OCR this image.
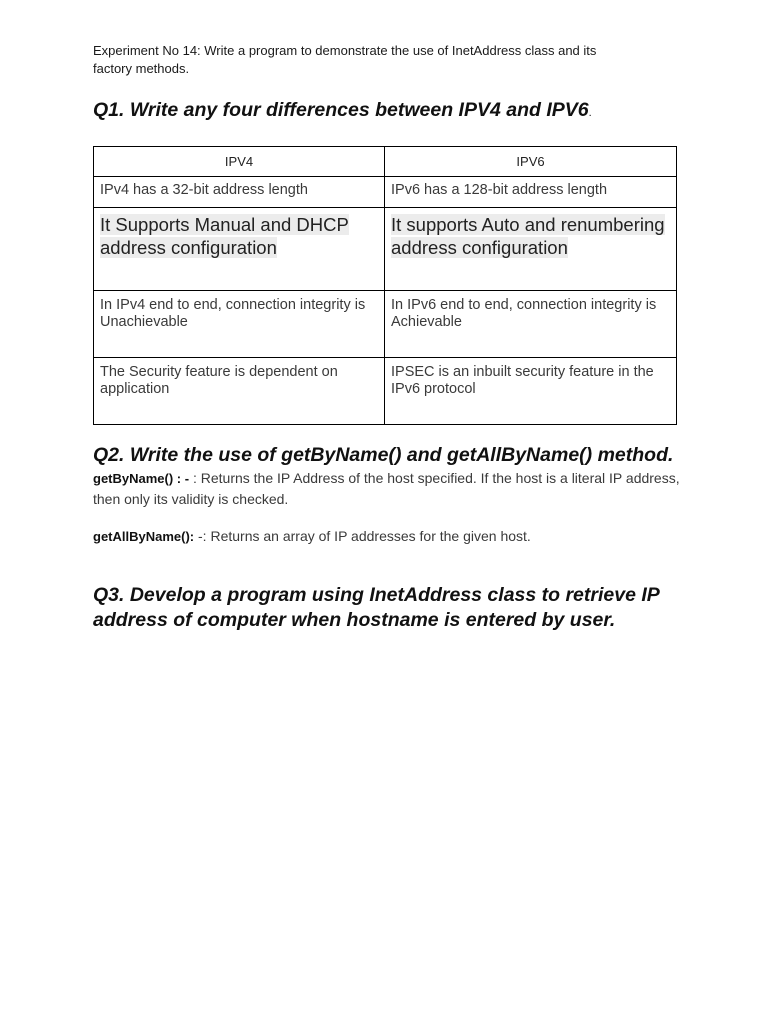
Experiment No 14: Write a program to demonstrate the use of InetAddress class and its

factory methods.

Q1. Write any four differences between IPV4 and IPV6.

IPV4	IPV6
IPv4 has a 32-bit address length	IPv6 has a 128-bit address length
It Supports Manual and DHCP address configuration	It supports Auto and renumbering address configuration
In IPv4 end to end, connection integrity is Unachievable	In IPv6 end to end, connection integrity is Achievable
The Security feature is dependent on application	IPSEC is an inbuilt security feature in the IPv6 protocol

Q2. Write the use of getByName() and getAllByName() method.

getByName() : - : Returns the IP Address of the host specified. If the host is a literal IP address, then only its validity is checked.

getAllByName(): -: Returns an array of IP addresses for the given host.

Q3. Develop a program using InetAddress class to retrieve IP address of computer when hostname is entered by user.
